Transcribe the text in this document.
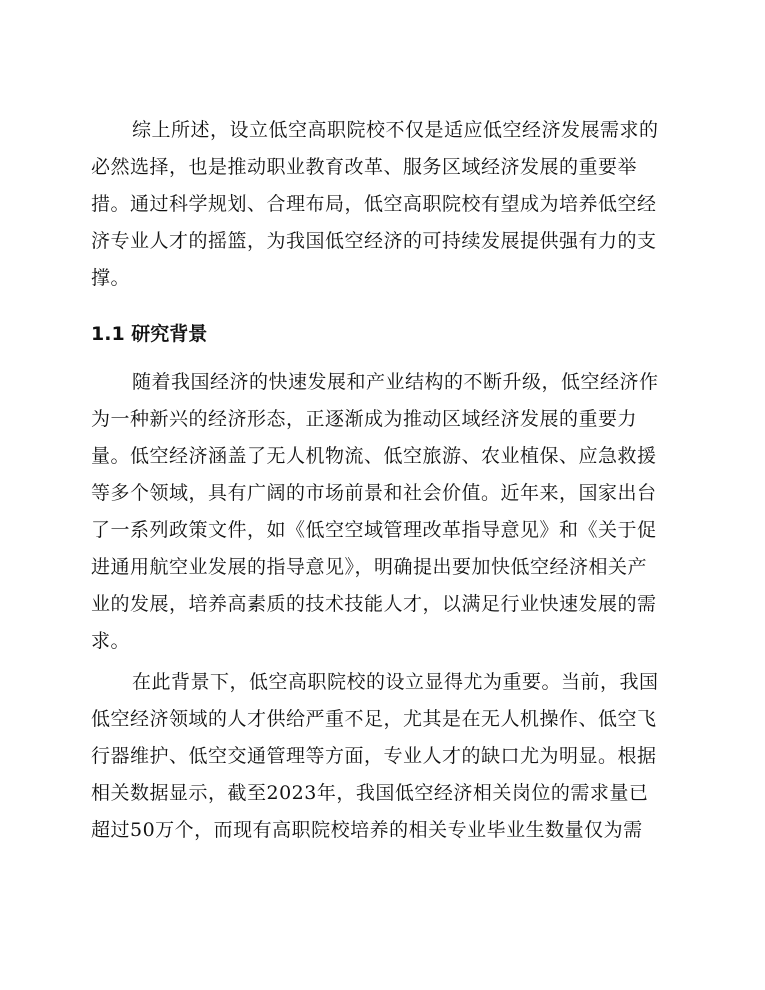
综上所述，设立低空高职院校不仅是适应低空经济发展需求的
必然选择，也是推动职业教育改革、服务区域经济发展的重要举
措。通过科学规划、合理布局，低空高职院校有望成为培养低空经
济专业人才的摇篮，为我国低空经济的可持续发展提供强有力的支
撑。
1.1 研究背景
随着我国经济的快速发展和产业结构的不断升级，低空经济作
为一种新兴的经济形态，正逐渐成为推动区域经济发展的重要力
量。低空经济涵盖了无人机物流、低空旅游、农业植保、应急救援
等多个领域，具有广阔的市场前景和社会价值。近年来，国家出台
了一系列政策文件，如《低空空域管理改革指导意见》和《关于促
进通用航空业发展的指导意见》，明确提出要加快低空经济相关产
业的发展，培养高素质的技术技能人才，以满足行业快速发展的需
求。
在此背景下，低空高职院校的设立显得尤为重要。当前，我国
低空经济领域的人才供给严重不足，尤其是在无人机操作、低空飞
行器维护、低空交通管理等方面，专业人才的缺口尤为明显。根据
相关数据显示，截至2023年，我国低空经济相关岗位的需求量已
超过50万个，而现有高职院校培养的相关专业毕业生数量仅为需
